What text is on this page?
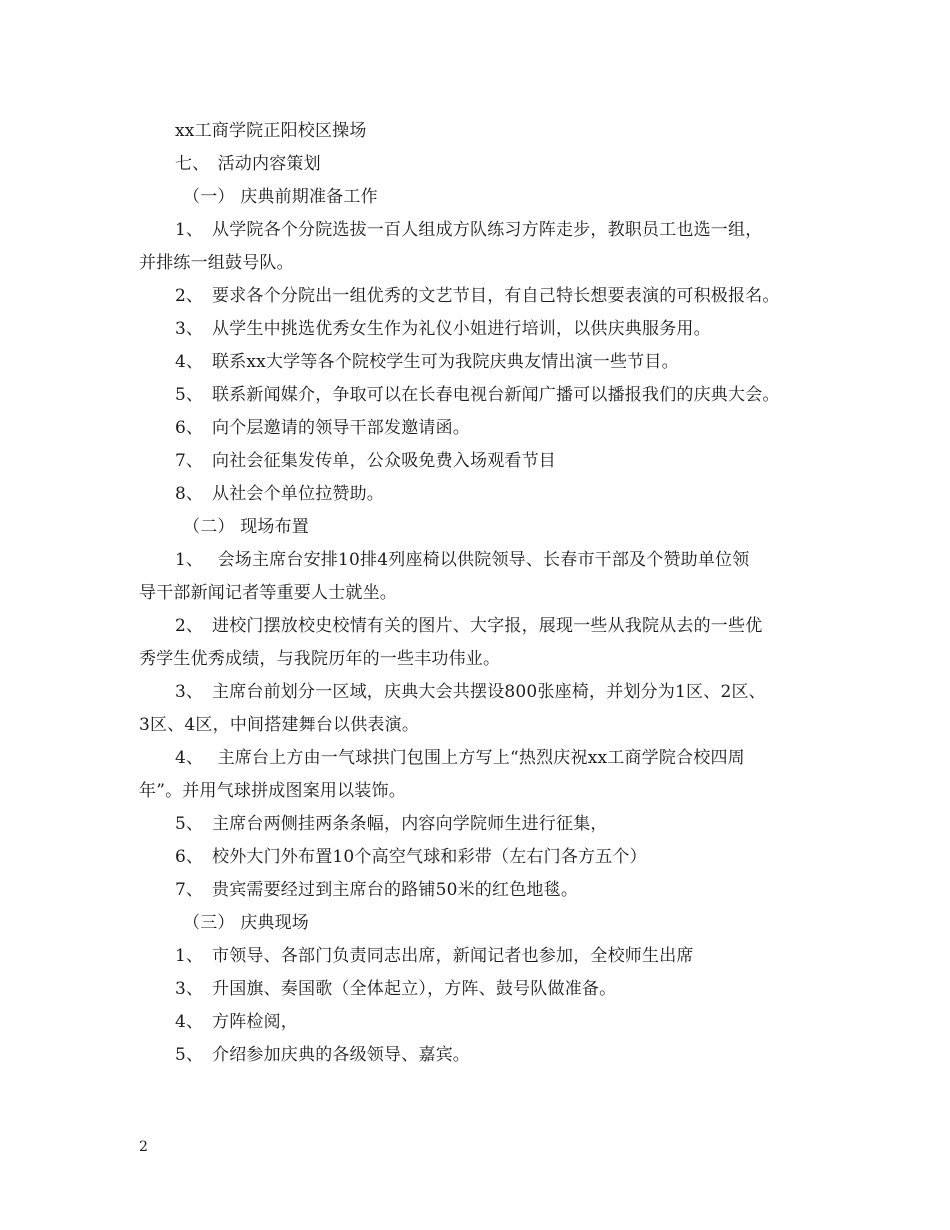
xx工商学院正阳校区操场
七、 活动内容策划
（一） 庆典前期准备工作
1、 从学院各个分院选拔一百人组成方队练习方阵走步，教职员工也选一组，
并排练一组鼓号队。
2、 要求各个分院出一组优秀的文艺节目，有自己特长想要表演的可积极报名。
3、 从学生中挑选优秀女生作为礼仪小姐进行培训，以供庆典服务用。
4、 联系xx大学等各个院校学生可为我院庆典友情出演一些节目。
5、 联系新闻媒介，争取可以在长春电视台新闻广播可以播报我们的庆典大会。
6、 向个层邀请的领导干部发邀请函。
7、 向社会征集发传单，公众吸免费入场观看节目
8、 从社会个单位拉赞助。
（二） 现场布置
1、 会场主席台安排10排4列座椅以供院领导、长春市干部及个赞助单位领
导干部新闻记者等重要人士就坐。
2、 进校门摆放校史校情有关的图片、大字报，展现一些从我院从去的一些优
秀学生优秀成绩，与我院历年的一些丰功伟业。
3、 主席台前划分一区域，庆典大会共摆设800张座椅，并划分为1区、2区、
3区、4区，中间搭建舞台以供表演。
4、 主席台上方由一气球拱门包围上方写上“热烈庆祝xx工商学院合校四周
年”。并用气球拼成图案用以装饰。
5、 主席台两侧挂两条条幅，内容向学院师生进行征集，
6、 校外大门外布置10个高空气球和彩带（左右门各方五个）
7、 贵宾需要经过到主席台的路铺50米的红色地毯。
（三） 庆典现场
1、 市领导、各部门负责同志出席，新闻记者也参加，全校师生出席
3、 升国旗、奏国歌（全体起立），方阵、鼓号队做准备。
4、 方阵检阅，
5、 介绍参加庆典的各级领导、嘉宾。
2
